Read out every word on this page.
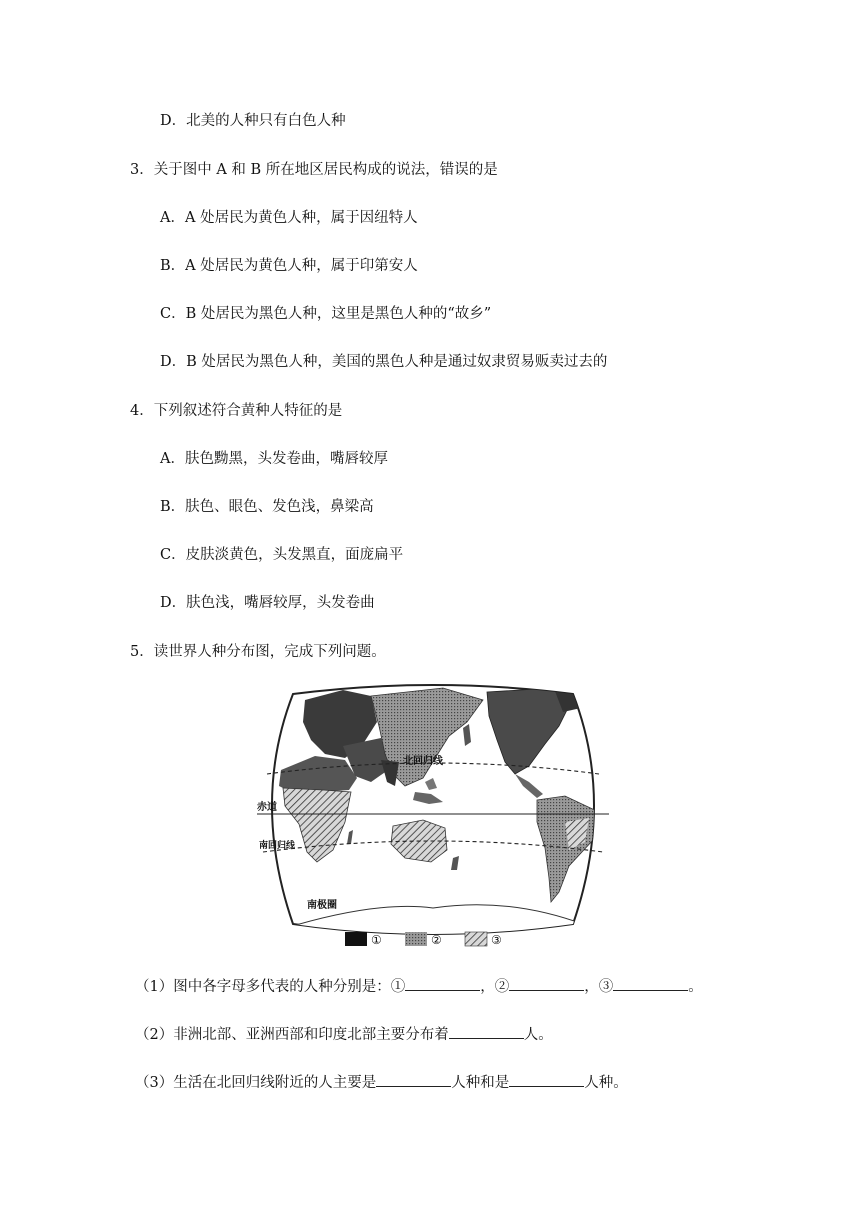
D．北美的人种只有白色人种
3．关于图中 A 和 B 所在地区居民构成的说法，错误的是
A．A 处居民为黄色人种，属于因纽特人
B．A 处居民为黄色人种，属于印第安人
C．B 处居民为黑色人种，这里是黑色人种的“故乡”
D．B 处居民为黑色人种，美国的黑色人种是通过奴隶贸易贩卖过去的
4．下列叙述符合黄种人特征的是
A．肤色黝黑，头发卷曲，嘴唇较厚
B．肤色、眼色、发色浅，鼻梁高
C．皮肤淡黄色，头发黑直，面庞扁平
D．肤色浅，嘴唇较厚，头发卷曲
5．读世界人种分布图，完成下列问题。
北回归线
赤道
南回归线
南极圈
①	②	③
（1）图中各字母多代表的人种分别是：①	，②	，③	。
（2）非洲北部、亚洲西部和印度北部主要分布着	人。
（3）生活在北回归线附近的人主要是	人种和是	人种。
